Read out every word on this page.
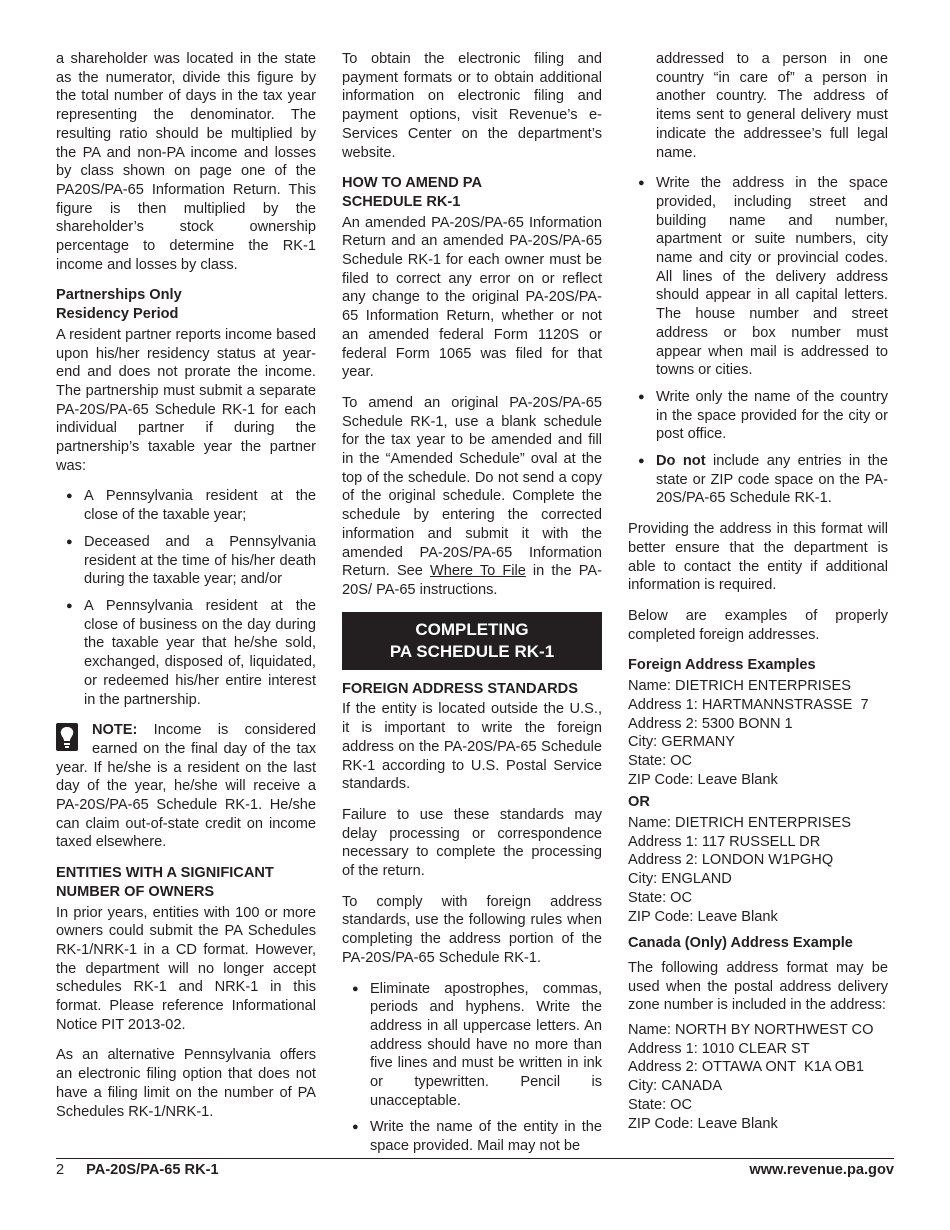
a shareholder was located in the state as the numerator, divide this figure by the total number of days in the tax year representing the denominator. The resulting ratio should be multiplied by the PA and non-PA income and losses by class shown on page one of the PA20S/PA-65 Information Return. This figure is then multiplied by the shareholder’s stock ownership percentage to determine the RK-1 income and losses by class.

Partnerships Only
Residency Period

A resident partner reports income based upon his/her residency status at year-end and does not prorate the income. The partnership must submit a separate PA-20S/PA-65 Schedule RK-1 for each individual partner if during the partnership’s taxable year the partner was:

● A Pennsylvania resident at the close of the taxable year;
● Deceased and a Pennsylvania resident at the time of his/her death during the taxable year; and/or
● A Pennsylvania resident at the close of business on the day during the taxable year that he/she sold, exchanged, disposed of, liquidated, or redeemed his/her entire interest in the partnership.
NOTE: Income is considered earned on the final day of the tax year. If he/she is a resident on the last day of the year, he/she will receive a PA-20S/PA-65 Schedule RK-1. He/she can claim out-of-state credit on income taxed elsewhere.
ENTITIES WITH A SIGNIFICANT NUMBER OF OWNERS

In prior years, entities with 100 or more owners could submit the PA Schedules RK-1/NRK-1 in a CD format. However, the department will no longer accept schedules RK-1 and NRK-1 in this format. Please reference Informational Notice PIT 2013-02.

As an alternative Pennsylvania offers an electronic filing option that does not have a filing limit on the number of PA Schedules RK-1/NRK-1.

To obtain the electronic filing and payment formats or to obtain additional information on electronic filing and payment options, visit Revenue’s e-Services Center on the department’s website.

HOW TO AMEND PA
SCHEDULE RK-1

An amended PA-20S/PA-65 Information Return and an amended PA-20S/PA-65 Schedule RK-1 for each owner must be filed to correct any error on or reflect any change to the original PA-20S/PA-65 Information Return, whether or not an amended federal Form 1120S or federal Form 1065 was filed for that year.

To amend an original PA-20S/PA-65 Schedule RK-1, use a blank schedule for the tax year to be amended and fill in the “Amended Schedule” oval at the top of the schedule. Do not send a copy of the original schedule. Complete the schedule by entering the corrected information and submit it with the amended PA-20S/PA-65 Information Return. See Where To File in the PA-20S/ PA-65 instructions.

COMPLETING
PA SCHEDULE RK-1
FOREIGN ADDRESS STANDARDS

If the entity is located outside the U.S., it is important to write the foreign address on the PA-20S/PA-65 Schedule RK-1 according to U.S. Postal Service standards.

Failure to use these standards may delay processing or correspondence necessary to complete the processing of the return.

To comply with foreign address standards, use the following rules when completing the address portion of the PA-20S/PA-65 Schedule RK-1.

● Eliminate apostrophes, commas, periods and hyphens. Write the address in all uppercase letters. An address should have no more than five lines and must be written in ink or typewritten. Pencil is unacceptable.
● Write the name of the entity in the space provided. Mail may not be

addressed to a person in one country “in care of” a person in another country. The address of items sent to general delivery must indicate the addressee’s full legal name.

● Write the address in the space provided, including street and building name and number, apartment or suite numbers, city name and city or provincial codes. All lines of the delivery address should appear in all capital letters. The house number and street address or box number must appear when mail is addressed to towns or cities.
● Write only the name of the country in the space provided for the city or post office.
● Do not include any entries in the state or ZIP code space on the PA-20S/PA-65 Schedule RK-1.

Providing the address in this format will better ensure that the department is able to contact the entity if additional information is required.

Below are examples of properly completed foreign addresses.

Foreign Address Examples
Name: DIETRICH ENTERPRISES
Address 1: HARTMANNSTRASSE  7
Address 2: 5300 BONN 1
City: GERMANY
State: OC
ZIP Code: Leave Blank
OR
Name: DIETRICH ENTERPRISES
Address 1: 117 RUSSELL DR
Address 2: LONDON W1PGHQ
City: ENGLAND
State: OC
ZIP Code: Leave Blank
Canada (Only) Address Example

The following address format may be used when the postal address delivery zone number is included in the address:

Name: NORTH BY NORTHWEST CO
Address 1: 1010 CLEAR ST
Address 2: OTTAWA ONT  K1A OB1
City: CANADA
State: OC
ZIP Code: Leave Blank
2 PA-20S/PA-65 RK-1	www.revenue.pa.gov
